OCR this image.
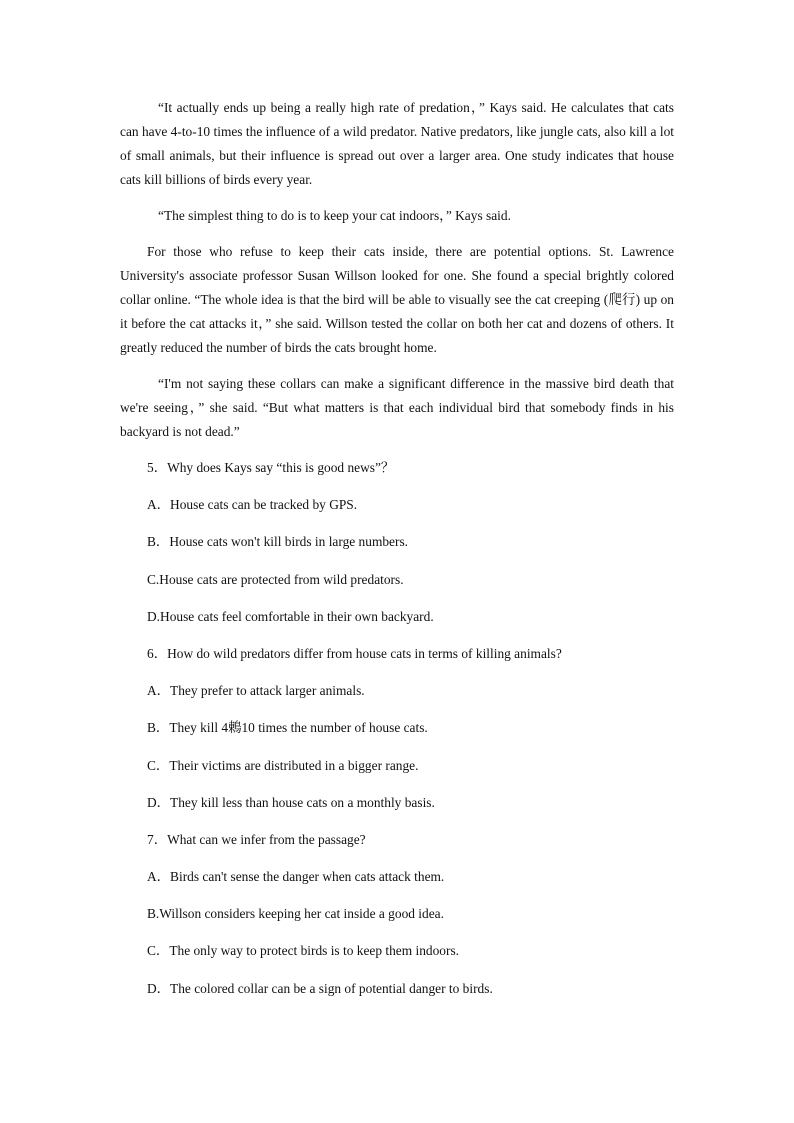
“It actually ends up being a really high rate of predation，” Kays said. He calculates that cats can have 4-to-10 times the influence of a wild predator. Native predators, like jungle cats, also kill a lot of small animals, but their influence is spread out over a larger area. One study indicates that house cats kill billions of birds every year.

“The simplest thing to do is to keep your cat indoors，” Kays said.

For those who refuse to keep their cats inside, there are potential options. St. Lawrence University's associate professor Susan Willson looked for one. She found a special brightly colored collar online. “The whole idea is that the bird will be able to visually see the cat creeping (爬行) up on it before the cat attacks it，” she said. Willson tested the collar on both her cat and dozens of others. It greatly reduced the number of birds the cats brought home.

“I'm not saying these collars can make a significant difference in the massive bird death that we're seeing，” she said. “But what matters is that each individual bird that somebody finds in his backyard is not dead.”

5．Why does Kays say “this is good news”？

A．House cats can be tracked by GPS.

B．House cats won't kill birds in large numbers.

C.House cats are protected from wild predators.

D.House cats feel comfortable in their own backyard.

6．How do wild predators differ from house cats in terms of killing animals?

A．They prefer to attack larger animals.

B．They kill 4鶇10 times the number of house cats.

C．Their victims are distributed in a bigger range.

D．They kill less than house cats on a monthly basis.

7．What can we infer from the passage?

A．Birds can't sense the danger when cats attack them.

B.Willson considers keeping her cat inside a good idea.

C．The only way to protect birds is to keep them indoors.

D．The colored collar can be a sign of potential danger to birds.
